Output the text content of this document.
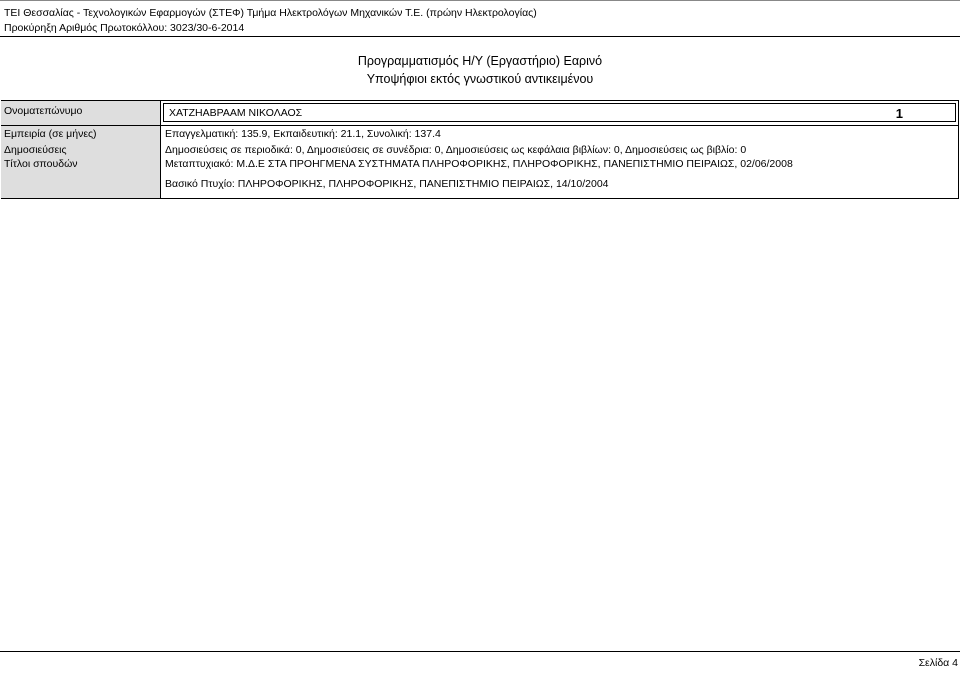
ΤΕΙ Θεσσαλίας - Τεχνολογικών Εφαρμογών (ΣΤΕΦ) Τμήμα Ηλεκτρολόγων Μηχανικών Τ.Ε. (πρώην Ηλεκτρολογίας)
Προκύρηξη Αριθμός Πρωτοκόλλου: 3023/30-6-2014
Προγραμματισμός Η/Υ (Εργαστήριο) Εαρινό
Υποψήφιοι εκτός γνωστικού αντικειμένου
Ονοματεπώνυμο
Εμπειρία (σε μήνες)
Δημοσιεύσεις
Τίτλοι σπουδών
ΧΑΤΖΗΑΒΡΑΑΜ ΝΙΚΟΛΑΟΣ	1
Επαγγελματική: 135.9, Εκπαιδευτική: 21.1, Συνολική: 137.4
Δημοσιεύσεις σε περιοδικά: 0, Δημοσιεύσεις σε συνέδρια: 0, Δημοσιεύσεις ως κεφάλαια βιβλίων: 0, Δημοσιεύσεις ως βιβλίο: 0
Μεταπτυχιακό: Μ.Δ.Ε ΣΤΑ ΠΡΟΗΓΜΕΝΑ ΣΥΣΤΗΜΑΤΑ ΠΛΗΡΟΦΟΡΙΚΗΣ, ΠΛΗΡΟΦΟΡΙΚΗΣ, ΠΑΝΕΠΙΣΤΗΜΙΟ ΠΕΙΡΑΙΩΣ, 02/06/2008
Βασικό Πτυχίο: ΠΛΗΡΟΦΟΡΙΚΗΣ, ΠΛΗΡΟΦΟΡΙΚΗΣ, ΠΑΝΕΠΙΣΤΗΜΙΟ ΠΕΙΡΑΙΩΣ, 14/10/2004
Σελίδα 4
